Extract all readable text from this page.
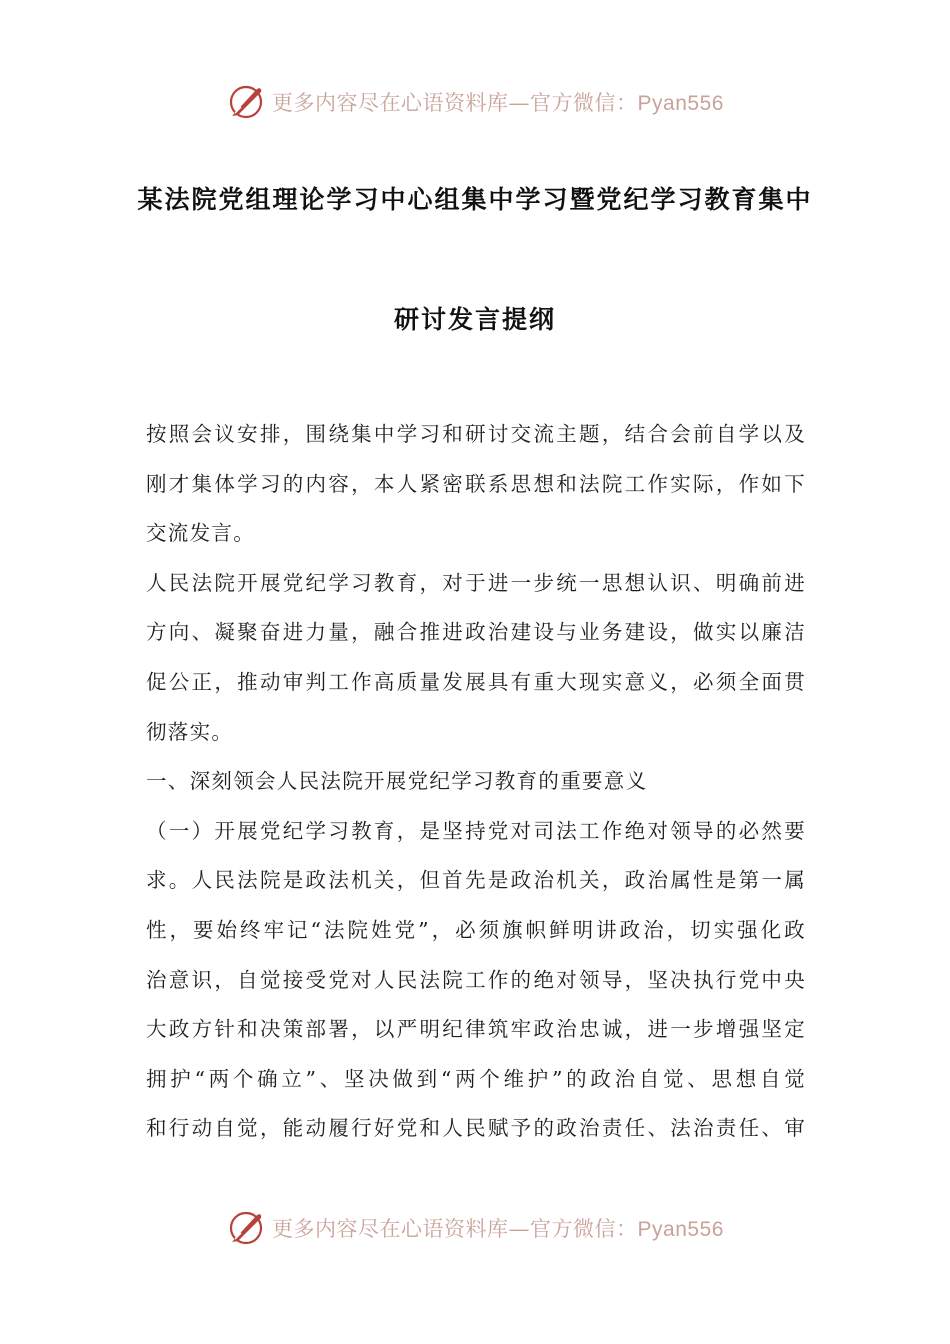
更多内容尽在心语资料库—官方微信：Pyan556
某法院党组理论学习中心组集中学习暨党纪学习教育集中
研讨发言提纲
按照会议安排，围绕集中学习和研讨交流主题，结合会前自学以及
刚才集体学习的内容，本人紧密联系思想和法院工作实际，作如下
交流发言。
人民法院开展党纪学习教育，对于进一步统一思想认识、明确前进
方向、凝聚奋进力量，融合推进政治建设与业务建设，做实以廉洁
促公正，推动审判工作高质量发展具有重大现实意义，必须全面贯
彻落实。
一、深刻领会人民法院开展党纪学习教育的重要意义
（一）开展党纪学习教育，是坚持党对司法工作绝对领导的必然要
求。人民法院是政法机关，但首先是政治机关，政治属性是第一属
性，要始终牢记“法院姓党”，必须旗帜鲜明讲政治，切实强化政
治意识，自觉接受党对人民法院工作的绝对领导，坚决执行党中央
大政方针和决策部署，以严明纪律筑牢政治忠诚，进一步增强坚定
拥护“两个确立”、坚决做到“两个维护”的政治自觉、思想自觉
和行动自觉，能动履行好党和人民赋予的政治责任、法治责任、审
更多内容尽在心语资料库—官方微信：Pyan556
